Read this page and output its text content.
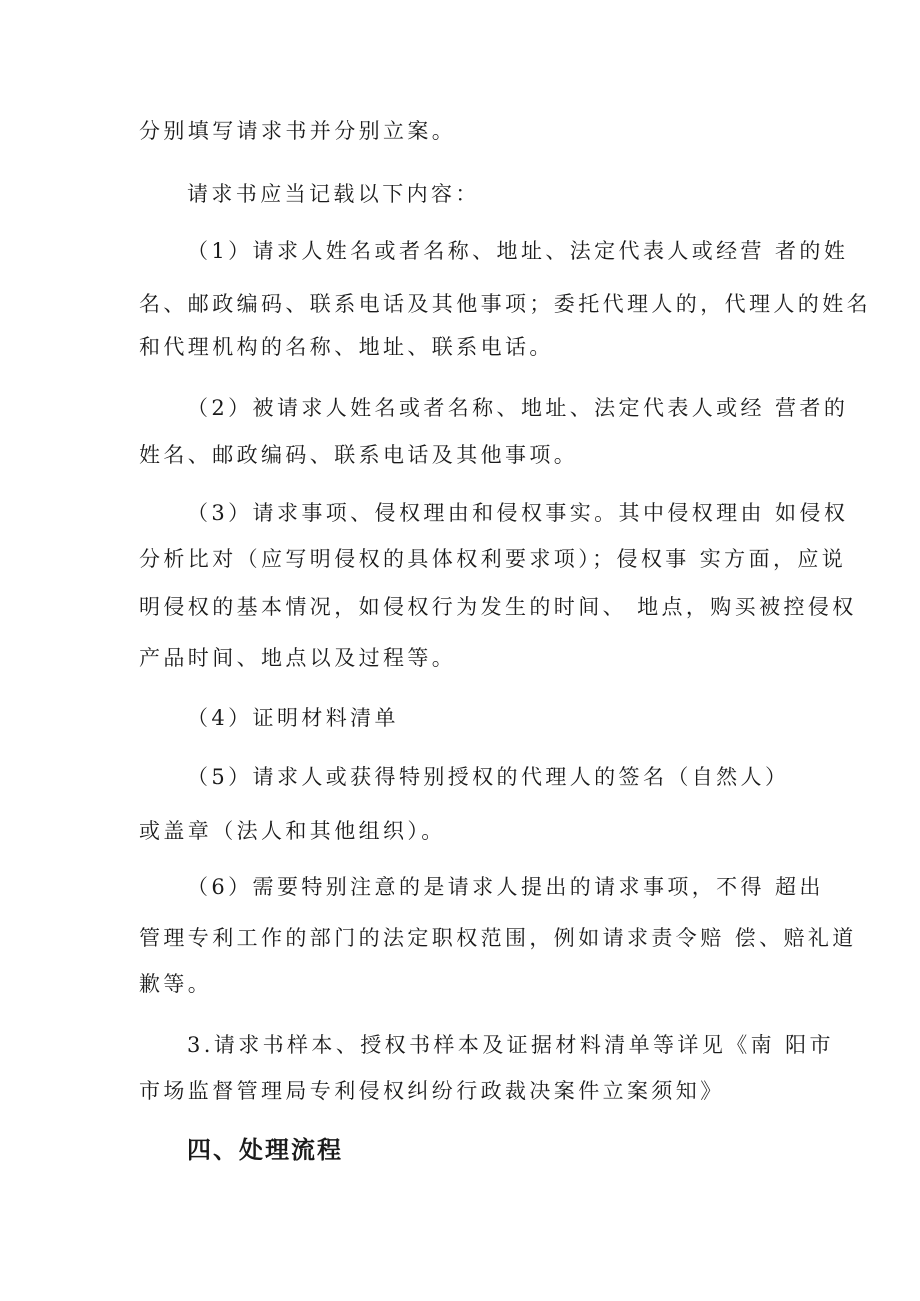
分别填写请求书并分别立案。
请求书应当记载以下内容：
（1）请求人姓名或者名称、地址、法定代表人或经营 者的姓
名、邮政编码、联系电话及其他事项；委托代理人的，代理人的姓名
和代理机构的名称、地址、联系电话。
（2）被请求人姓名或者名称、地址、法定代表人或经 营者的
姓名、邮政编码、联系电话及其他事项。
（3）请求事项、侵权理由和侵权事实。其中侵权理由 如侵权
分析比对（应写明侵权的具体权利要求项）；侵权事 实方面，应说
明侵权的基本情况，如侵权行为发生的时间、 地点，购买被控侵权
产品时间、地点以及过程等。
（4）证明材料清单
（5）请求人或获得特别授权的代理人的签名（自然人）
或盖章（法人和其他组织）。
（6）需要特别注意的是请求人提出的请求事项，不得 超出
管理专利工作的部门的法定职权范围，例如请求责令赔 偿、赔礼道
歉等。
3.请求书样本、授权书样本及证据材料清单等详见《南 阳市
市场监督管理局专利侵权纠纷行政裁决案件立案须知》
四、处理流程
